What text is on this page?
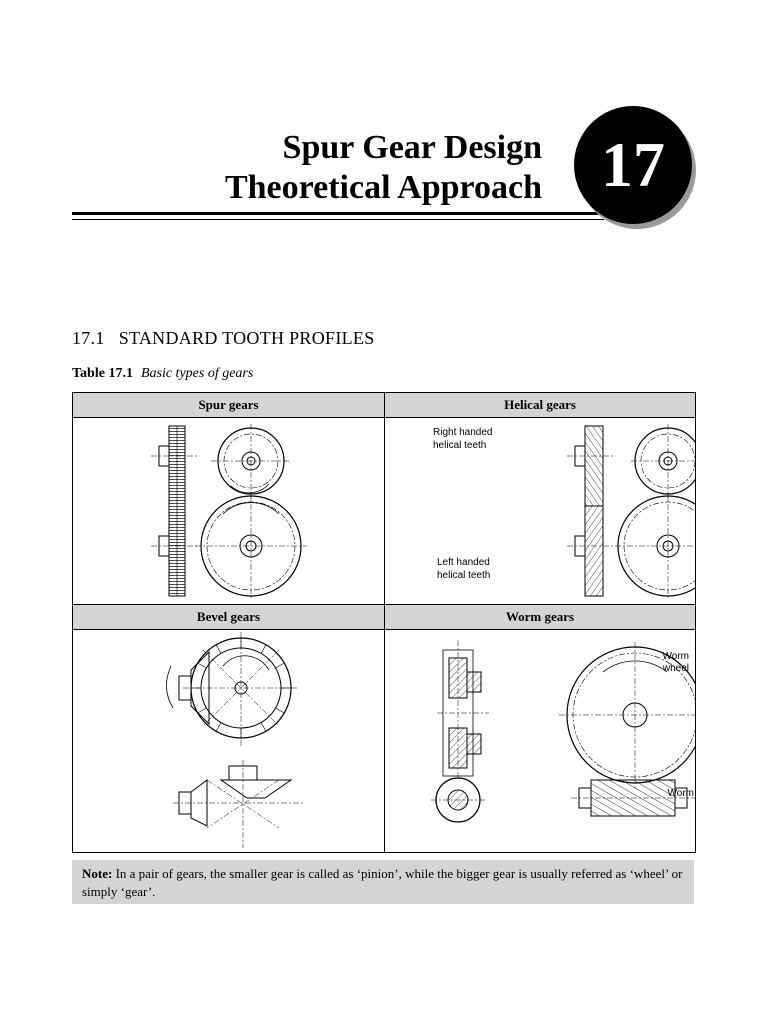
Spur Gear Design
Theoretical Approach 17
17.1 STANDARD TOOTH PROFILES
Table 17.1 Basic types of gears
Spur gears	Helical gears
Bevel gears	Worm gears
Right handed
helical teeth
Left handed
helical teeth
Worm
wheel
Worm
Note: In a pair of gears, the smaller gear is called as ‘pinion’, while the bigger gear is usually referred as ‘wheel’ or simply ‘gear’.
